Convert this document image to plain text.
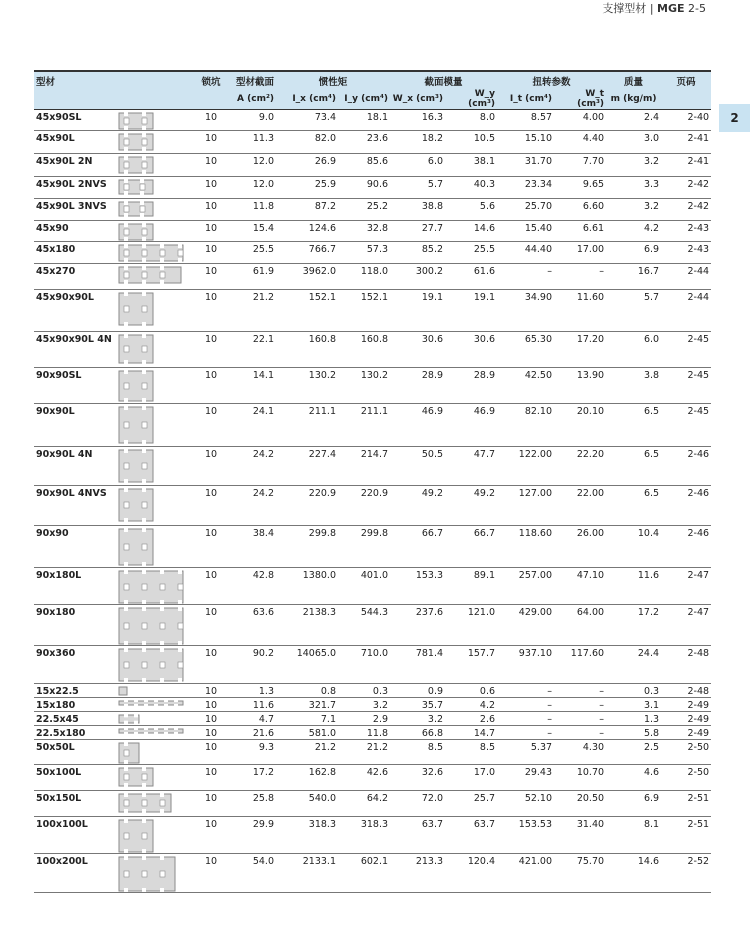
支撑型材 | MGE 2-5
2
型材		锁坑	型材截面	惯性矩		截面模量		扭转参数		质量	页码
			A (cm²)	I_x (cm⁴)	I_y (cm⁴)	W_x (cm³)	W_y (cm³)	I_t (cm⁴)	W_t (cm³)	m (kg/m)	
45x90SL		10	9.0	73.4	18.1	16.3	8.0	8.57	4.00	2.4	2-40
45x90L		10	11.3	82.0	23.6	18.2	10.5	15.10	4.40	3.0	2-41
45x90L 2N		10	12.0	26.9	85.6	6.0	38.1	31.70	7.70	3.2	2-41
45x90L 2NVS		10	12.0	25.9	90.6	5.7	40.3	23.34	9.65	3.3	2-42
45x90L 3NVS		10	11.8	87.2	25.2	38.8	5.6	25.70	6.60	3.2	2-42
45x90		10	15.4	124.6	32.8	27.7	14.6	15.40	6.61	4.2	2-43
45x180		10	25.5	766.7	57.3	85.2	25.5	44.40	17.00	6.9	2-43
45x270		10	61.9	3962.0	118.0	300.2	61.6	–	–	16.7	2-44
45x90x90L		10	21.2	152.1	152.1	19.1	19.1	34.90	11.60	5.7	2-44
45x90x90L 4N		10	22.1	160.8	160.8	30.6	30.6	65.30	17.20	6.0	2-45
90x90SL		10	14.1	130.2	130.2	28.9	28.9	42.50	13.90	3.8	2-45
90x90L		10	24.1	211.1	211.1	46.9	46.9	82.10	20.10	6.5	2-45
90x90L 4N		10	24.2	227.4	214.7	50.5	47.7	122.00	22.20	6.5	2-46
90x90L 4NVS		10	24.2	220.9	220.9	49.2	49.2	127.00	22.00	6.5	2-46
90x90		10	38.4	299.8	299.8	66.7	66.7	118.60	26.00	10.4	2-46
90x180L		10	42.8	1380.0	401.0	153.3	89.1	257.00	47.10	11.6	2-47
90x180		10	63.6	2138.3	544.3	237.6	121.0	429.00	64.00	17.2	2-47
90x360		10	90.2	14065.0	710.0	781.4	157.7	937.10	117.60	24.4	2-48
15x22.5		10	1.3	0.8	0.3	0.9	0.6	–	–	0.3	2-48
15x180		10	11.6	321.7	3.2	35.7	4.2	–	–	3.1	2-49
22.5x45		10	4.7	7.1	2.9	3.2	2.6	–	–	1.3	2-49
22.5x180		10	21.6	581.0	11.8	66.8	14.7	–	–	5.8	2-49
50x50L		10	9.3	21.2	21.2	8.5	8.5	5.37	4.30	2.5	2-50
50x100L		10	17.2	162.8	42.6	32.6	17.0	29.43	10.70	4.6	2-50
50x150L		10	25.8	540.0	64.2	72.0	25.7	52.10	20.50	6.9	2-51
100x100L		10	29.9	318.3	318.3	63.7	63.7	153.53	31.40	8.1	2-51
100x200L		10	54.0	2133.1	602.1	213.3	120.4	421.00	75.70	14.6	2-52
